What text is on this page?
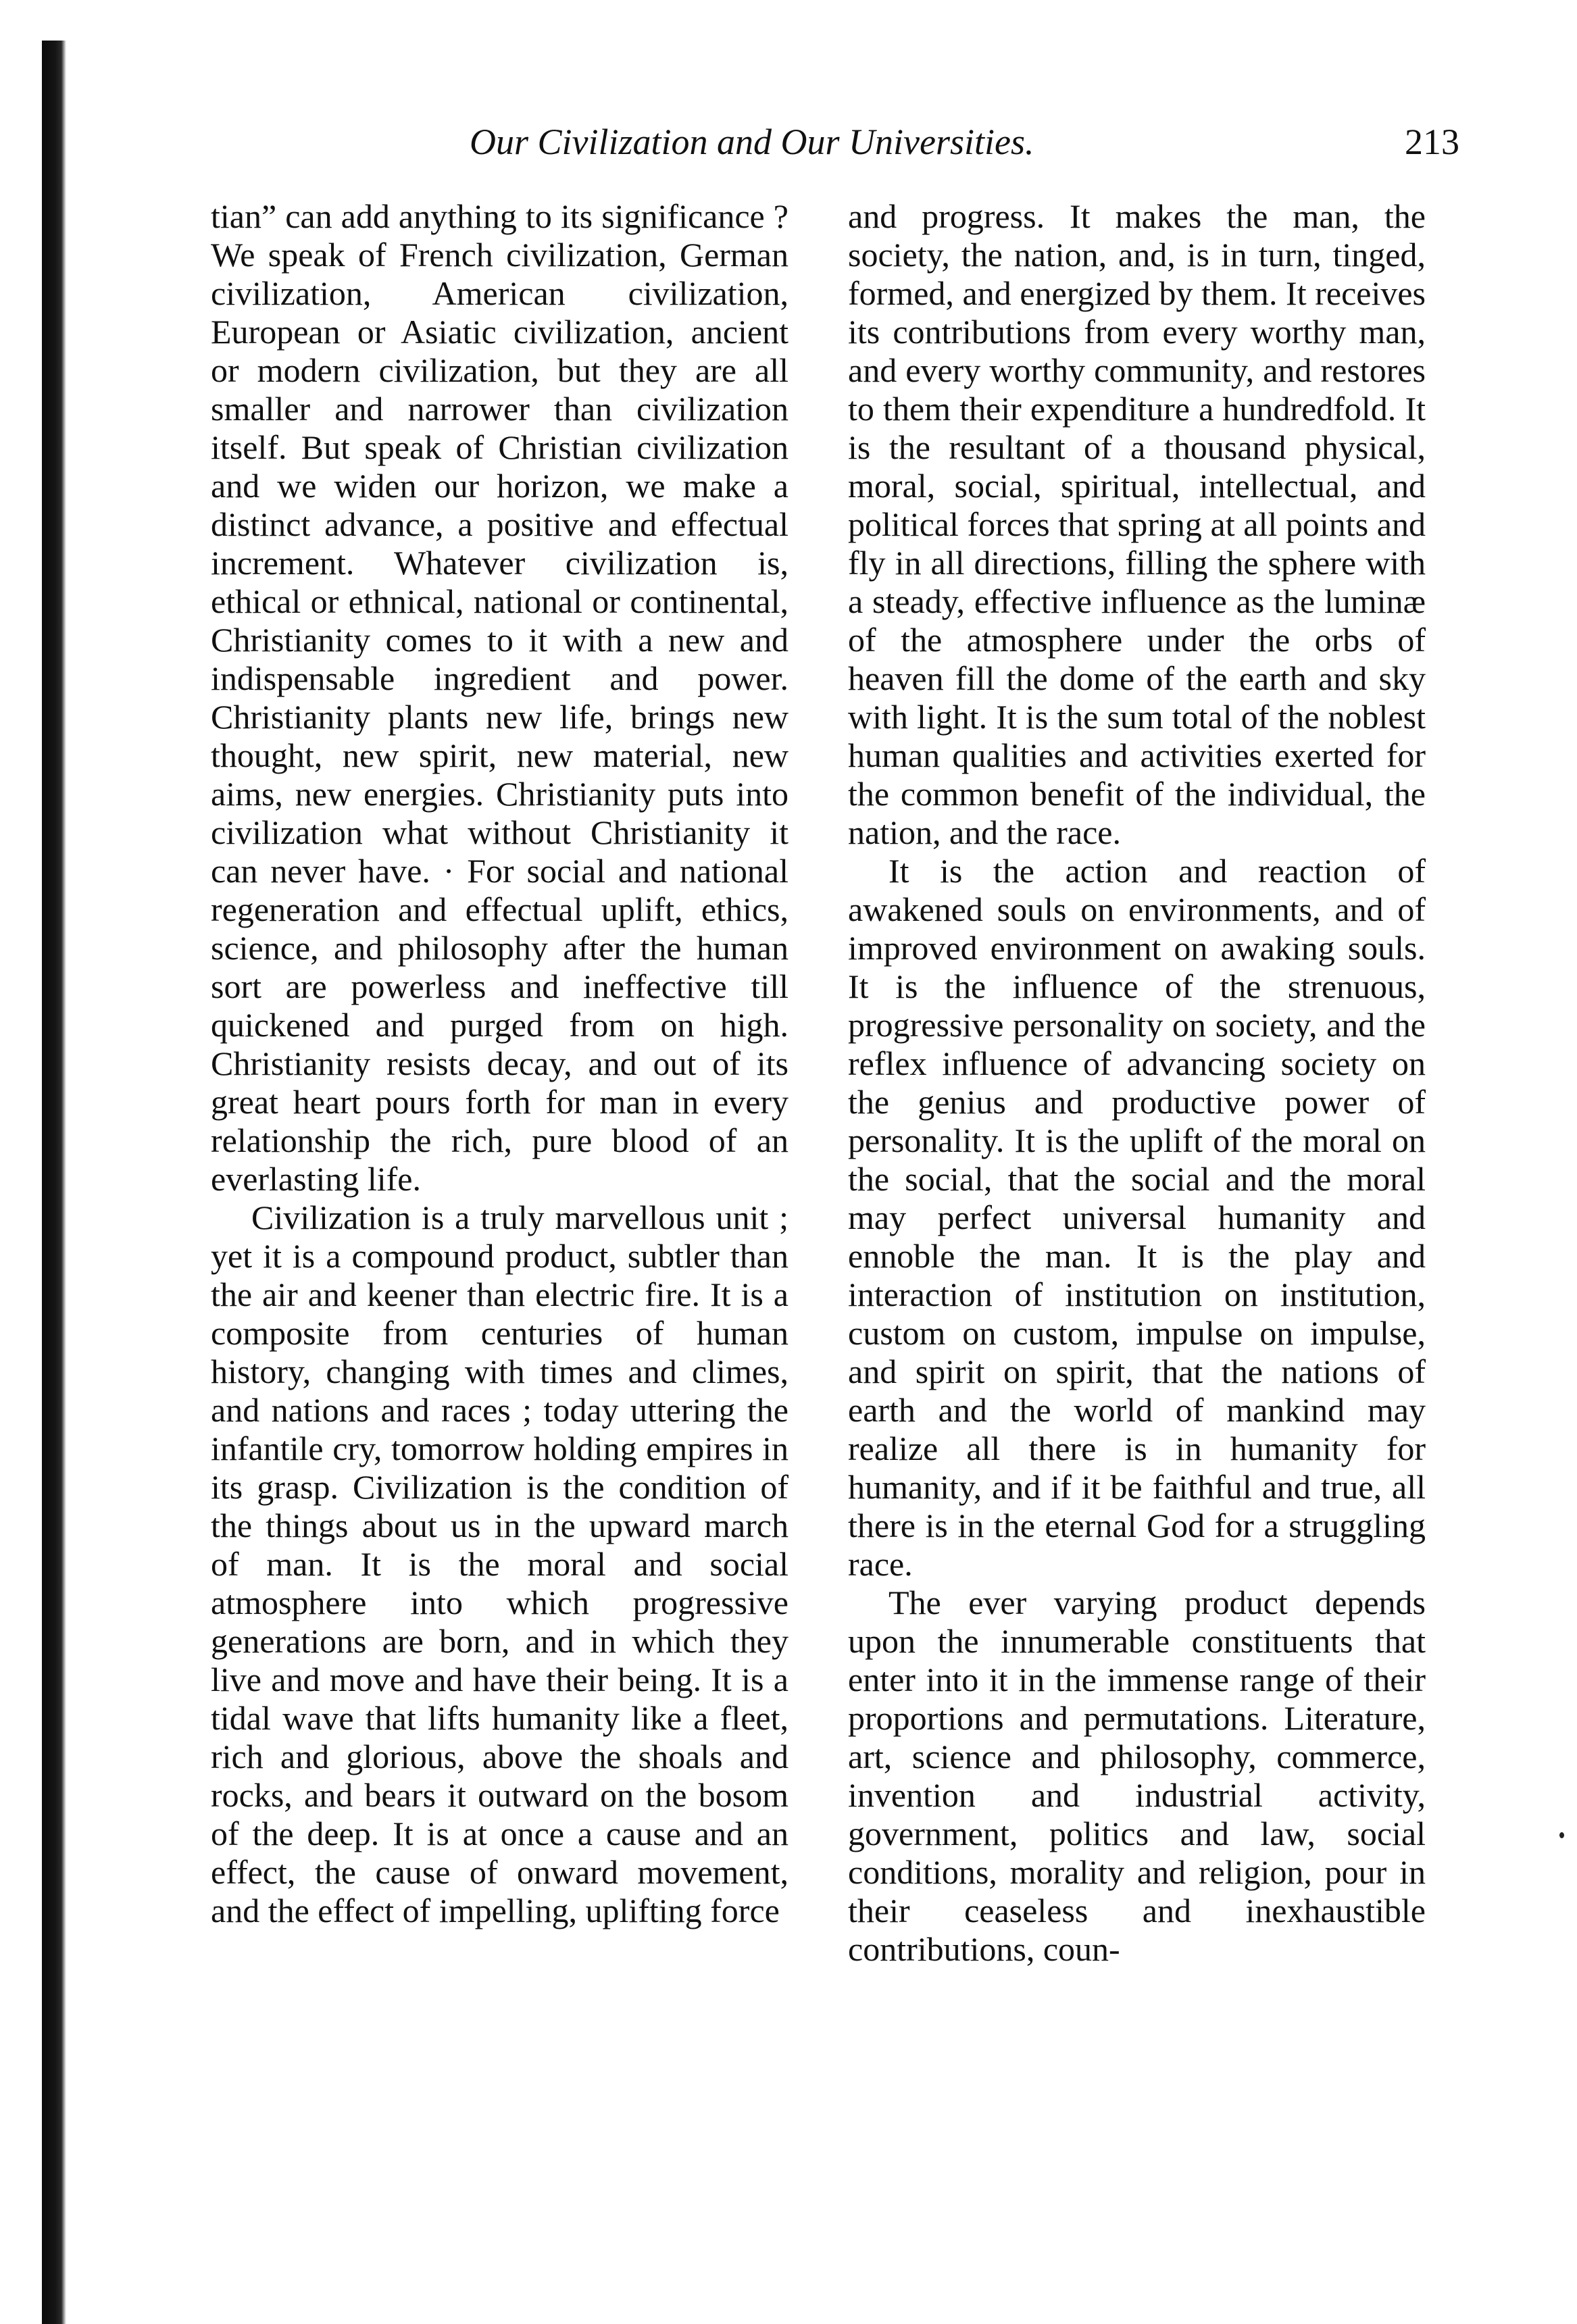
Our Civilization and Our Universities.	213

tian” can add anything to its significance ? We speak of French civilization, German civilization, American civilization, European or Asiatic civilization, ancient or modern civilization, but they are all smaller and narrower than civilization itself. But speak of Christian civilization and we widen our horizon, we make a distinct advance, a positive and effectual increment. Whatever civilization is, ethical or ethnical, national or continental, Christianity comes to it with a new and indispensable ingredient and power. Christianity plants new life, brings new thought, new spirit, new material, new aims, new energies. Christianity puts into civilization what without Christianity it can never have. · For social and national regeneration and effectual uplift, ethics, science, and philosophy after the human sort are powerless and ineffective till quickened and purged from on high. Christianity resists decay, and out of its great heart pours forth for man in every relationship the rich, pure blood of an everlasting life.

Civilization is a truly marvellous unit ; yet it is a compound product, subtler than the air and keener than electric fire. It is a composite from centuries of human history, changing with times and climes, and nations and races ; today uttering the infantile cry, tomorrow holding empires in its grasp. Civilization is the condition of the things about us in the upward march of man. It is the moral and social atmosphere into which progressive generations are born, and in which they live and move and have their being. It is a tidal wave that lifts humanity like a fleet, rich and glorious, above the shoals and rocks, and bears it outward on the bosom of the deep. It is at once a cause and an effect, the cause of onward movement, and the effect of impelling, uplifting force

and progress. It makes the man, the society, the nation, and, is in turn, tinged, formed, and energized by them. It receives its contributions from every worthy man, and every worthy community, and restores to them their expenditure a hundredfold. It is the resultant of a thousand physical, moral, social, spiritual, intellectual, and political forces that spring at all points and fly in all directions, filling the sphere with a steady, effective influence as the luminæ of the atmosphere under the orbs of heaven fill the dome of the earth and sky with light. It is the sum total of the noblest human qualities and activities exerted for the common benefit of the individual, the nation, and the race.

It is the action and reaction of awakened souls on environments, and of improved environment on awaking souls. It is the influence of the strenuous, progressive personality on society, and the reflex influence of advancing society on the genius and productive power of personality. It is the uplift of the moral on the social, that the social and the moral may perfect universal humanity and ennoble the man. It is the play and interaction of institution on institution, custom on custom, impulse on impulse, and spirit on spirit, that the nations of earth and the world of mankind may realize all there is in humanity for humanity, and if it be faithful and true, all there is in the eternal God for a struggling race.

The ever varying product depends upon the innumerable constituents that enter into it in the immense range of their proportions and permutations. Literature, art, science and philosophy, commerce, invention and industrial activity, government, politics and law, social conditions, morality and religion, pour in their ceaseless and inexhaustible contributions, coun-
